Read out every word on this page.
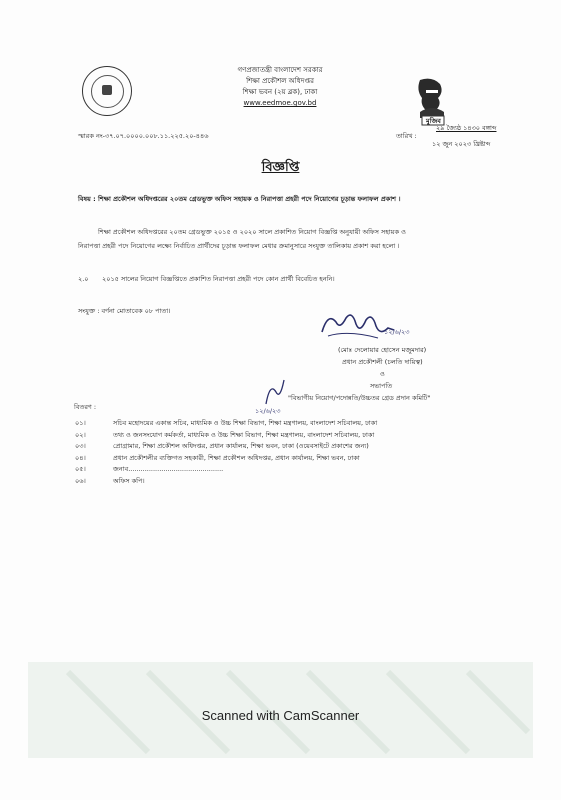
গণপ্রজাতন্ত্রী বাংলাদেশ সরকার
শিক্ষা প্রকৌশল অধিদপ্তর
শিক্ষা ভবন (২য় ব্লক), ঢাকা
www.eedmoe.gov.bd
মুজিব
স্মারক নং-৩৭.০৭.০০০০.০০৮.১১.২২৫.২০-৪৪৬	তারিখ :
২৯ জ্যৈষ্ঠ ১৪৩০ বঙ্গাব্দ
১২ জুন ২০২৩ খ্রিষ্টাব্দ
বিজ্ঞপ্তি
বিষয় : শিক্ষা প্রকৌশল অধিদপ্তরের ২০তম গ্রেডভুক্ত অফিস সহায়ক ও নিরাপত্তা প্রহরী পদে নিয়োগের চূড়ান্ত ফলাফল প্রকাশ ।
শিক্ষা প্রকৌশল অধিদপ্তরের ২০তম গ্রেডভুক্ত ২০১৫ ও ২০২০ সালে প্রকাশিত নিয়োগ বিজ্ঞপ্তি অনুযায়ী অফিস সহায়ক ও
নিরাপত্তা প্রহরী পদে নিয়োগের লক্ষ্যে নির্বাচিত প্রার্থীদের চূড়ান্ত ফলাফল মেধার ক্রমানুসারে সংযুক্ত তালিকায় প্রকাশ করা হলো ।
২.০ ২০১৫ সালের নিয়োগ বিজ্ঞপ্তিতে প্রকাশিত নিরাপত্তা প্রহরী পদে কোন প্রার্থী বিবেচিত হননি।
সংযুক্ত : বর্ণনা মোতাবেক ০৮ পাতা।
১২/৬/২৩
(মোঃ দেলোয়ার হোসেন মজুমদার)
প্রধান প্রকৌশলী (চলতি দায়িত্ব)
ও
সভাপতি
"বিভাগীয় নিয়োগ/পদোন্নতি/উচ্চতর গ্রেড প্রদান কমিটি"
১২/৬/২৩
বিতরণ :
০১।	সচিব মহোদয়ের একান্ত সচিব, মাধ্যমিক ও উচ্চ শিক্ষা বিভাগ, শিক্ষা মন্ত্রণালয়, বাংলাদেশ সচিবালয়, ঢাকা
০২।	তথ্য ও জনসংযোগ কর্মকর্তা, মাধ্যমিক ও উচ্চ শিক্ষা বিভাগ, শিক্ষা মন্ত্রণালয়, বাংলাদেশ সচিবালয়, ঢাকা
০৩।	প্রোগ্রামার, শিক্ষা প্রকৌশল অধিদপ্তর, প্রধান কার্যালয়, শিক্ষা ভবন, ঢাকা (ওয়েবসাইটে প্রকাশের জন্য)
০৪।	প্রধান প্রকৌশলীর ব্যক্তিগত সহকারী, শিক্ষা প্রকৌশল অধিদপ্তর, প্রধান কার্যালয়, শিক্ষা ভবন, ঢাকা
০৫।	জনাব..............................................
০৬।	অফিস কপি।
Scanned with CamScanner
